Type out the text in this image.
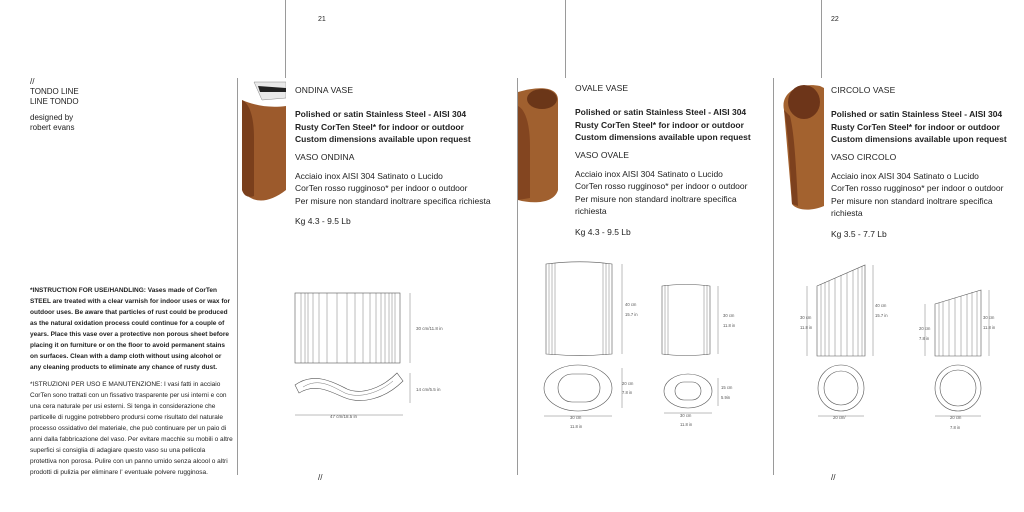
//
TONDO LINE
LINE TONDO
designed by
robert evans
*INSTRUCTION FOR USE/HANDLING: Vases made of CorTen STEEL are treated with a clear varnish for indoor uses or wax for outdoor uses. Be aware that particles of rust could be produced as the natural oxidation process could continue for a couple of years. Place this vase over a protective non porous sheet before placing it on furniture or on the floor to avoid permanent stains on surfaces. Clean with a damp cloth without using alcohol or any cleaning products to eliminate any chance of rusty dust.
*ISTRUZIONI PER USO E MANUTENZIONE: I vasi fatti in acciaio CorTen sono trattati con un fissativo trasparente per usi interni e con una cera naturale per usi esterni. Si tenga in considerazione che particelle di ruggine potrebbero prodursi come risultato del naturale processo ossidativo del materiale, che può continuare per un paio di anni dalla fabbricazione del vaso. Per evitare macchie su mobili o altre superfici si consiglia di adagiare questo vaso su una pellicola protettiva non porosa. Pulire con un panno umido senza alcool o altri prodotti di pulizia per eliminare l' eventuale polvere rugginosa.
21	22
//	//
ONDINA VASE
Polished or satin Stainless Steel - AISI 304
Rusty CorTen Steel* for indoor or outdoor
Custom dimensions available upon request
VASO ONDINA
Acciaio inox AISI 304 Satinato o Lucido
CorTen rosso rugginoso* per indoor o outdoor
Per misure non standard inoltrare specifica richiesta
Kg 4.3 - 9.5 Lb
OVALE VASE
Polished or satin Stainless Steel - AISI 304
Rusty CorTen Steel* for indoor or outdoor
Custom dimensions available upon request
VASO OVALE
Acciaio inox AISI 304 Satinato o Lucido
CorTen rosso rugginoso* per indoor o outdoor
Per misure non standard inoltrare specifica richiesta
Kg 4.3 - 9.5 Lb
CIRCOLO VASE
Polished or satin Stainless Steel - AISI 304
Rusty CorTen Steel* for indoor or outdoor
Custom dimensions available upon request
VASO CIRCOLO
Acciaio inox AISI 304 Satinato o Lucido
CorTen rosso rugginoso* per indoor o outdoor
Per misure non standard inoltrare specifica richiesta
Kg 3.5 - 7.7 Lb
30 cm/11.8 in
14 cm/5.5 in
47 cm/18.5 in
40 cm
15.7 in
20 cm
7.8 in
30 cm
11.8 in
30 cm
11.8 in
15 cm
5.9in
30 cm
11.8 in
40 cm
15.7 in
30 cm
11.8 in
20 cm/
30 cm
11.8 in
20 cm
7.8 in
20 cm
7.8 in
